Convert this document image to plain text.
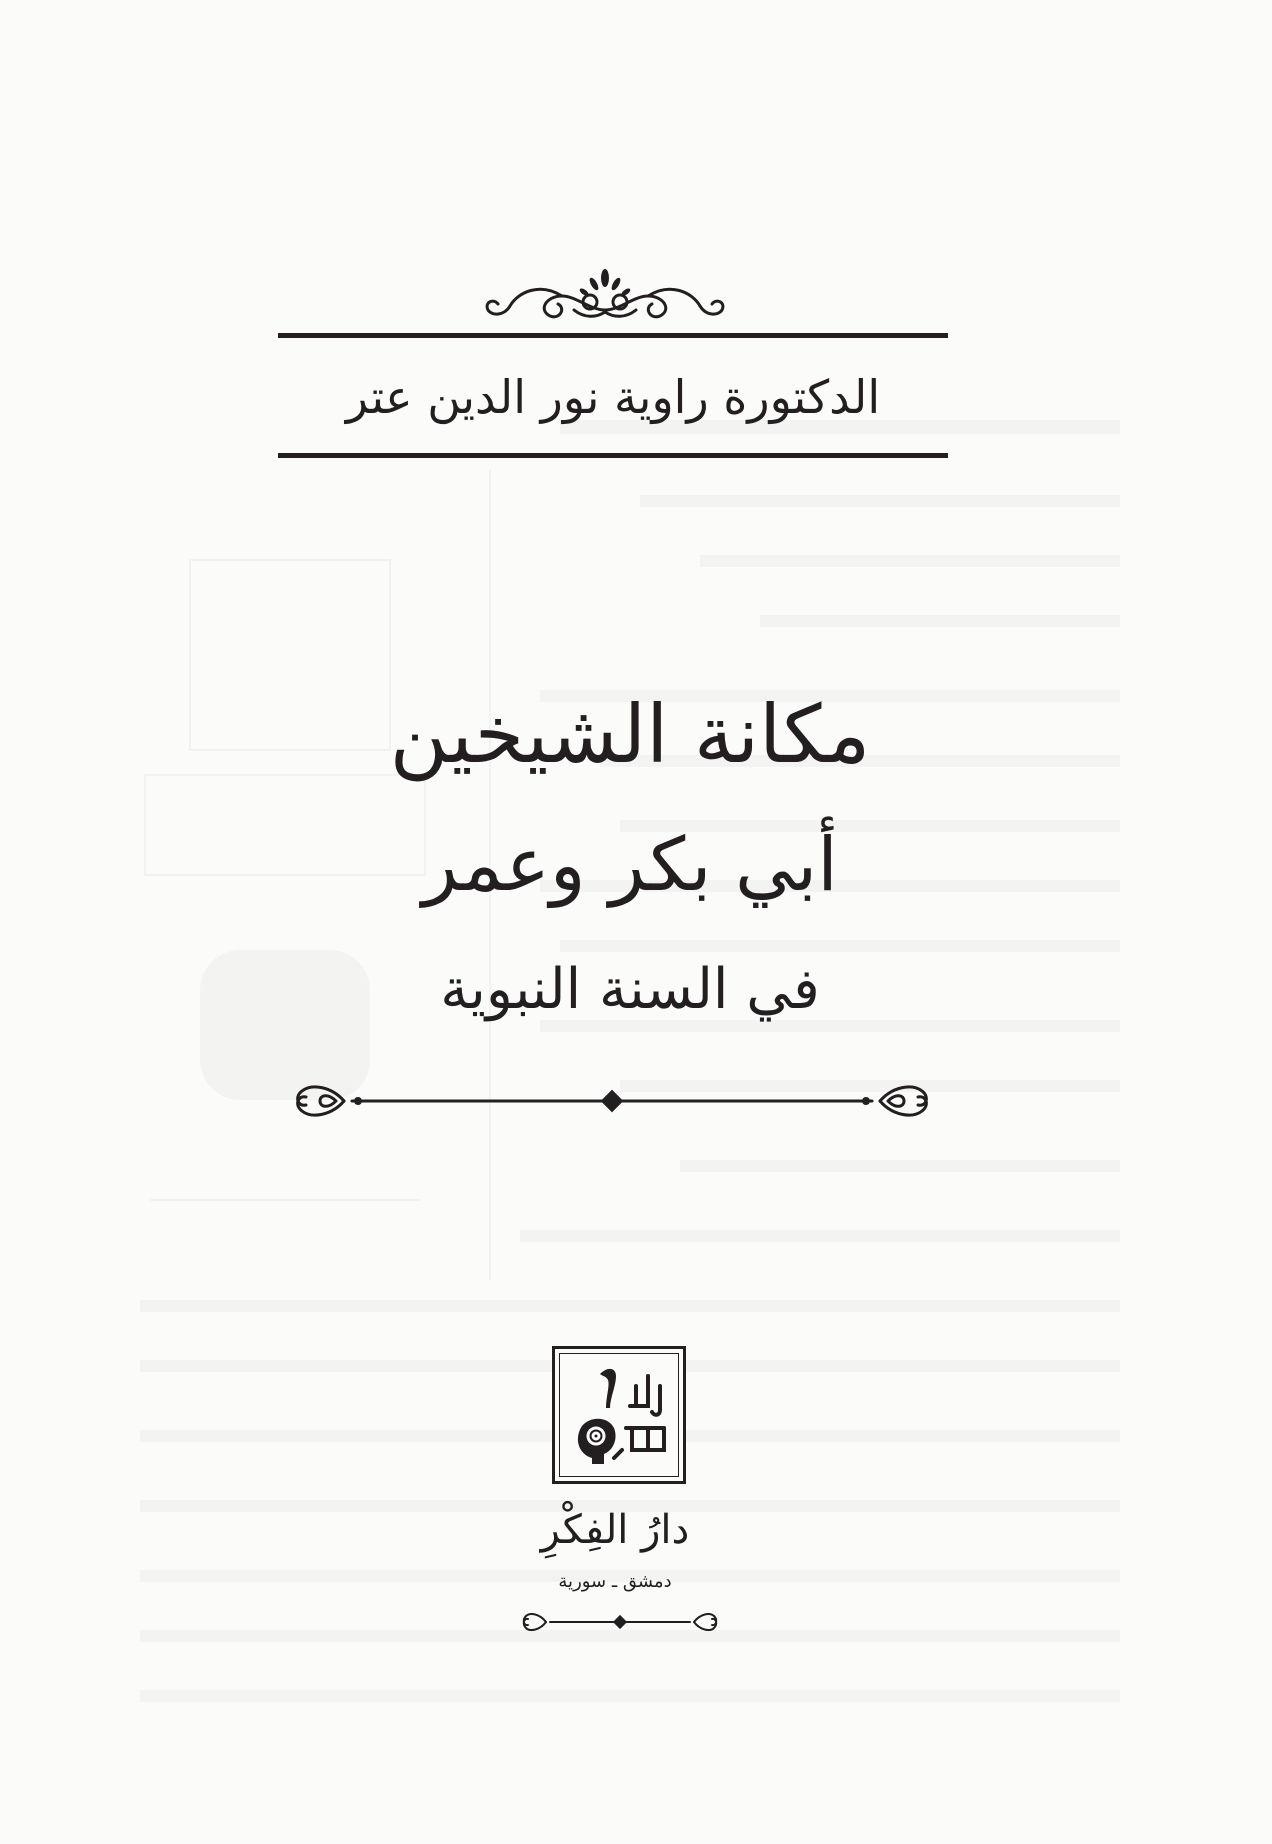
الدكتورة راوية نور الدين عتر
مكانة الشيخين
أبي بكر وعمر
في السنة النبوية
دارُ الفِكْرِ
دمشق ـ سورية
